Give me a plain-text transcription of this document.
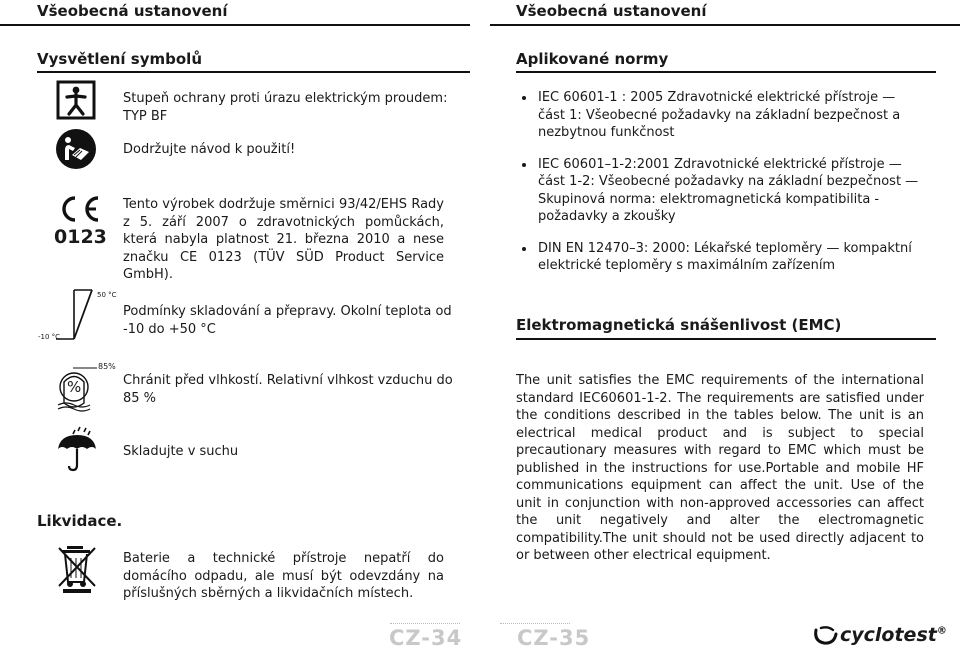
Všeobecná ustanovení	Všeobecná ustanovení
Vysvětlení symbolů
Stupeň ochrany proti úrazu elektrickým proudem: TYP BF
Dodržujte návod k použití!
0123
Tento výrobek dodržuje směrnici 93/42/EHS Rady z 5. září 2007 o zdravotnických pomůckách, která nabyla platnost 21. března 2010 a nese značku CE 0123 (TÜV SÜD Product Service GmbH).
50 °C
-10 °C
Podmínky skladování a přepravy. Okolní teplota od -10 do +50 °C
%
85%
Chránit před vlhkostí. Relativní vlhkost vzduchu do 85 %
Skladujte v suchu
Likvidace.
Baterie a technické přístroje nepatří do domácího odpadu, ale musí být odevzdány na příslušných sběrných a likvidačních místech.
Aplikované normy
• IEC 60601-1 : 2005 Zdravotnické elektrické přístroje — část 1: Všeobecné požadavky na základní bezpečnost a nezbytnou funkčnost
• IEC 60601–1-2:2001 Zdravotnické elektrické přístroje — část 1-2: Všeobecné požadavky na základní bezpečnost — Skupinová norma: elektromagnetická kompatibilita - požadavky a zkoušky
• DIN EN 12470–3: 2000: Lékařské teploměry — kompaktní elektrické teploměry s maximálním zařízením
Elektromagnetická snášenlivost (EMC)
The unit satisfies the EMC requirements of the international standard IEC60601-1-2. The requirements are satisfied under the conditions described in the tables below. The unit is an electrical medical product and is subject to special precautionary measures with regard to EMC which must be published in the instructions for use.Portable and mobile HF communications equipment can affect the unit. Use of the unit in conjunction with non-approved accessories can affect the unit negatively and alter the electromagnetic compatibility.The unit should not be used directly adjacent to or between other electrical equipment.
CZ-34	CZ-35	cyclotest®
